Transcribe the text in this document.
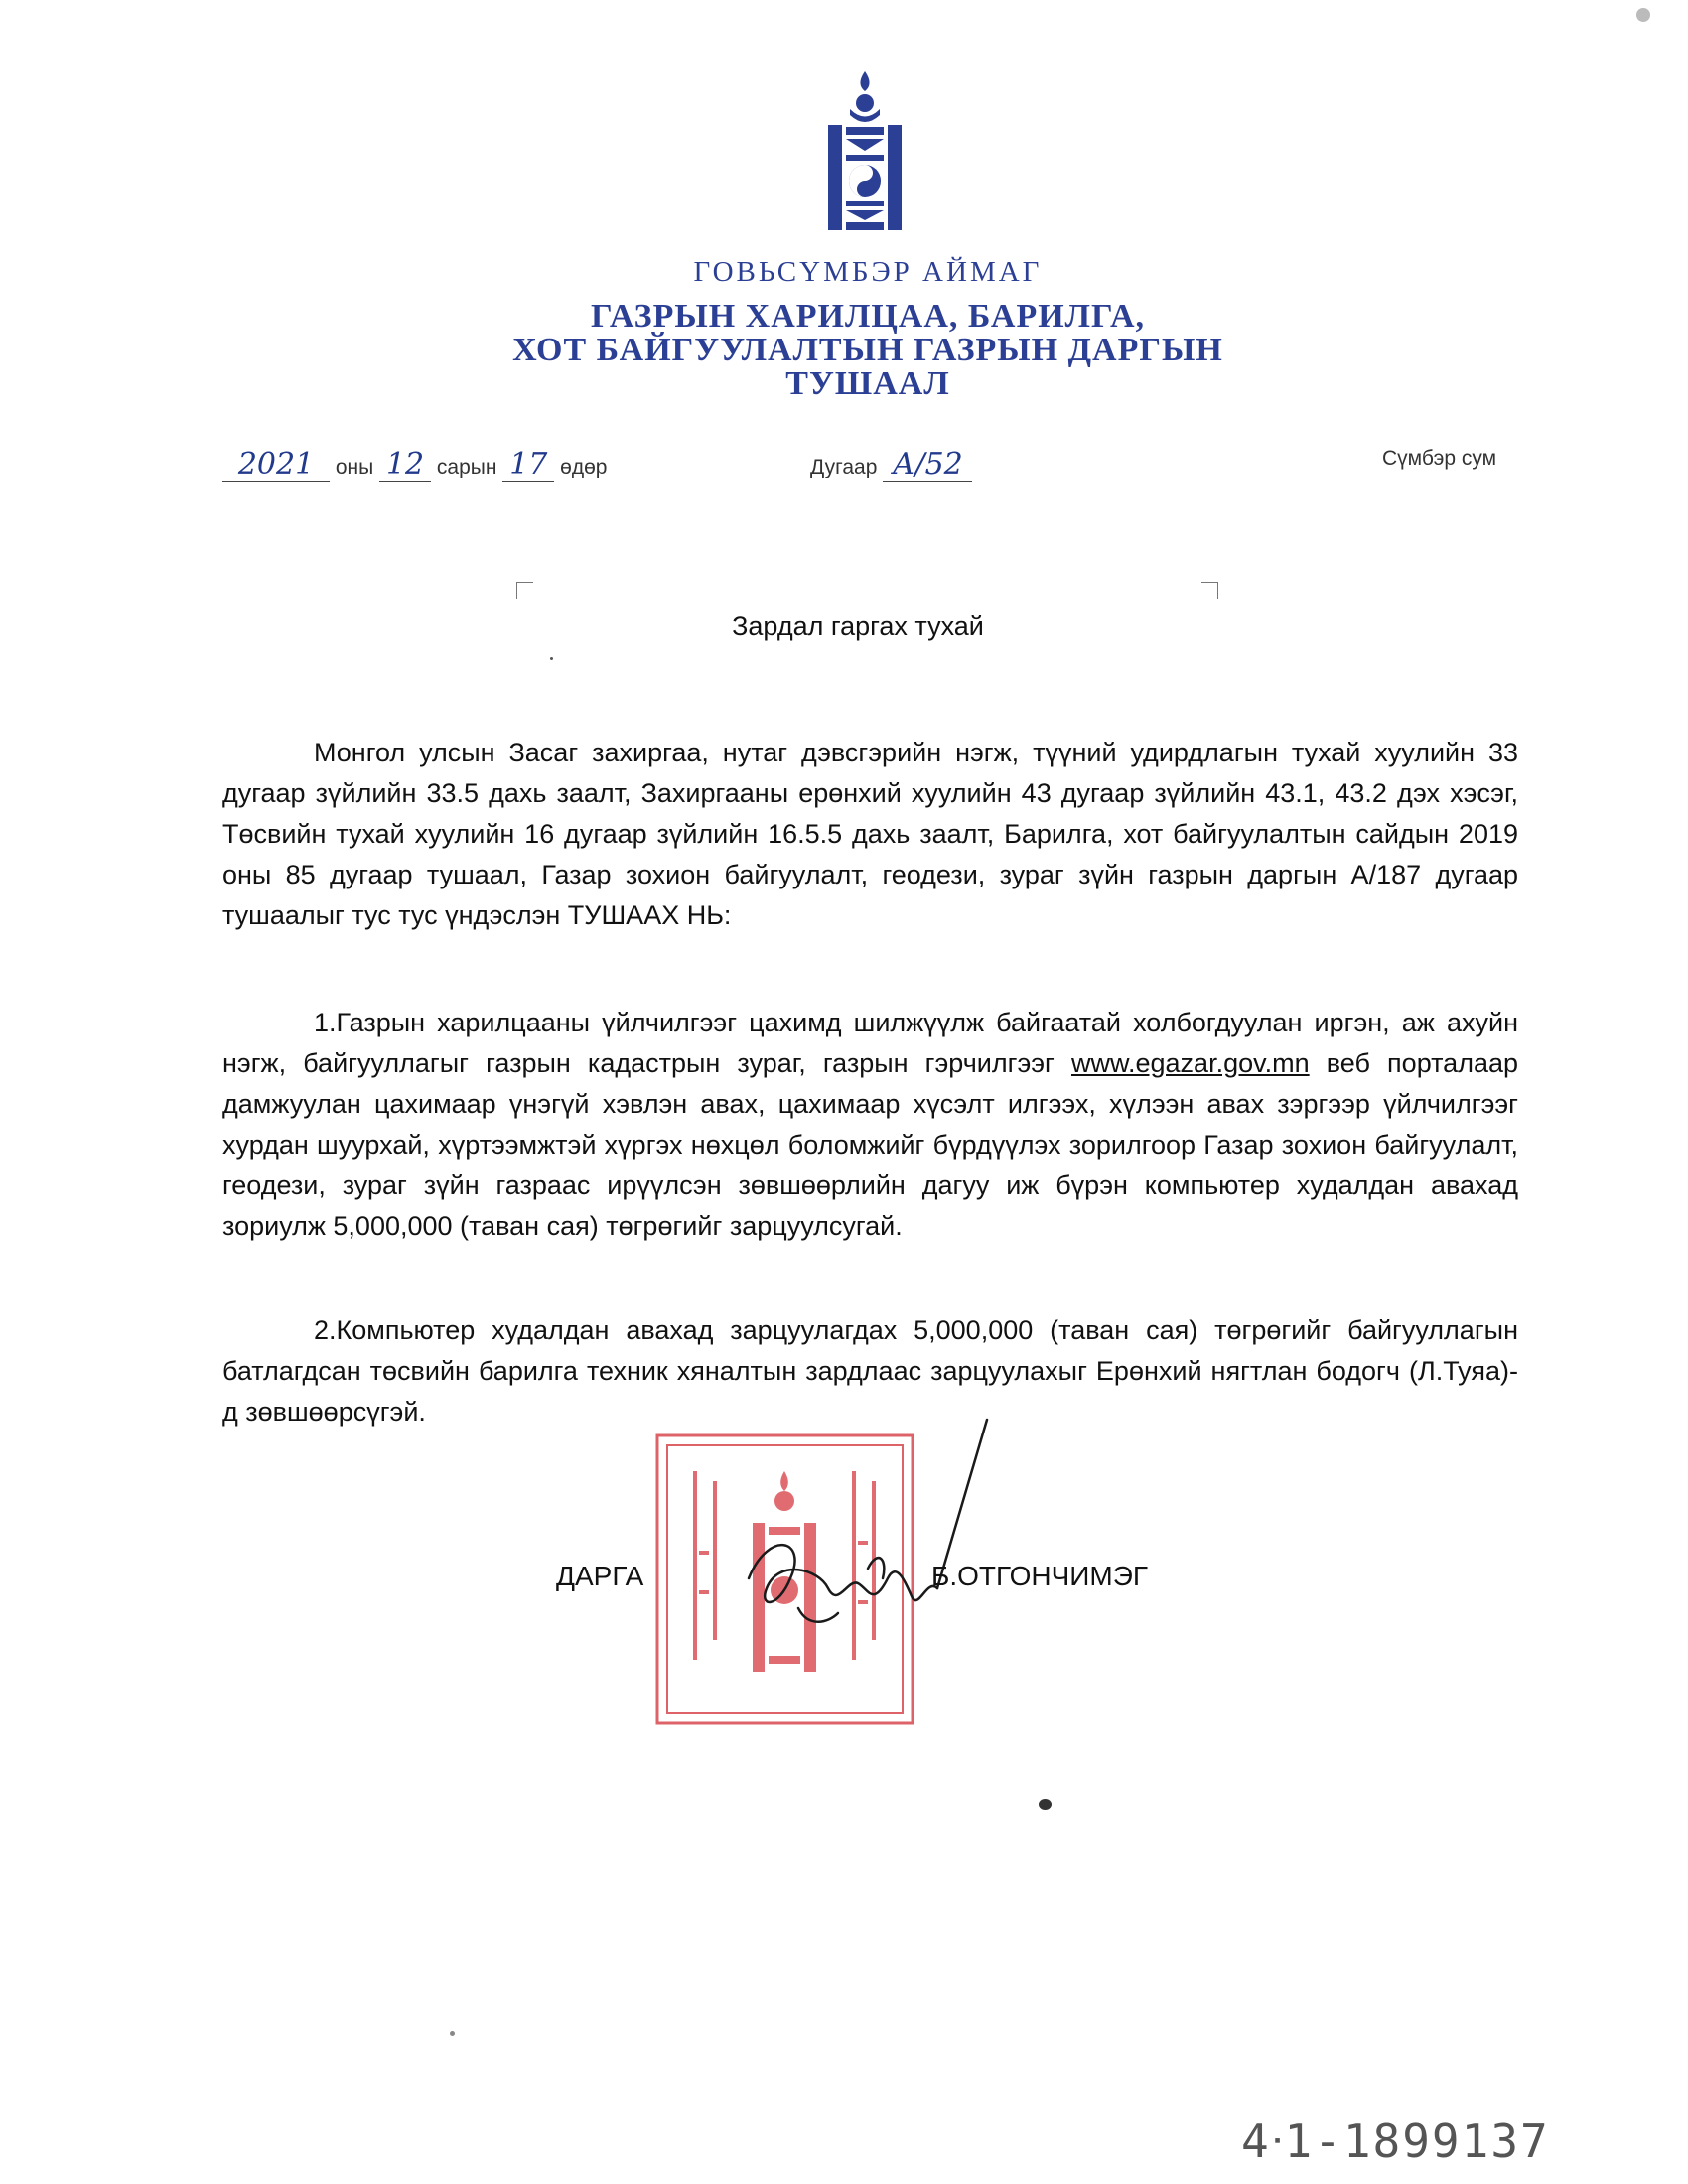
ГОВЬСҮМБЭР АЙМАГ
ГАЗРЫН ХАРИЛЦАА, БАРИЛГА,
ХОТ БАЙГУУЛАЛТЫН ГАЗРЫН ДАРГЫН
ТУШААЛ
2021 оны 12 сарын 17 өдөр	Дугаар А/52	Сүмбэр сум
Зардал гаргах тухай
Монгол улсын Засаг захиргаа, нутаг дэвсгэрийн нэгж, түүний удирдлагын тухай хуулийн 33 дугаар зүйлийн 33.5 дахь заалт, Захиргааны ерөнхий хуулийн 43 дугаар зүйлийн 43.1, 43.2 дэх хэсэг, Төсвийн тухай хуулийн 16 дугаар зүйлийн 16.5.5 дахь заалт, Барилга, хот байгуулалтын сайдын 2019 оны 85 дугаар тушаал, Газар зохион байгуулалт, геодези, зураг зүйн газрын даргын А/187 дугаар тушаалыг тус тус үндэслэн ТУШААХ НЬ:
1.Газрын харилцааны үйлчилгээг цахимд шилжүүлж байгаатай холбогдуулан иргэн, аж ахуйн нэгж, байгууллагыг газрын кадастрын зураг, газрын гэрчилгээг www.egazar.gov.mn веб порталаар дамжуулан цахимаар үнэгүй хэвлэн авах, цахимаар хүсэлт илгээх, хүлээн авах зэргээр үйлчилгээг хурдан шуурхай, хүртээмжтэй хүргэх нөхцөл боломжийг бүрдүүлэх зорилгоор Газар зохион байгуулалт, геодези, зураг зүйн газраас ирүүлсэн зөвшөөрлийн дагуу иж бүрэн компьютер худалдан авахад зориулж 5,000,000 (таван сая) төгрөгийг зарцуулсугай.
2.Компьютер худалдан авахад зарцуулагдах 5,000,000 (таван сая) төгрөгийг байгууллагын батлагдсан төсвийн барилга техник хяналтын зардлаас зарцуулахыг Ерөнхий нягтлан бодогч (Л.Туяа)-д зөвшөөрсүгэй.
ДАРГА	Б.ОТГОНЧИМЭГ
4ᐧ1-1899137
